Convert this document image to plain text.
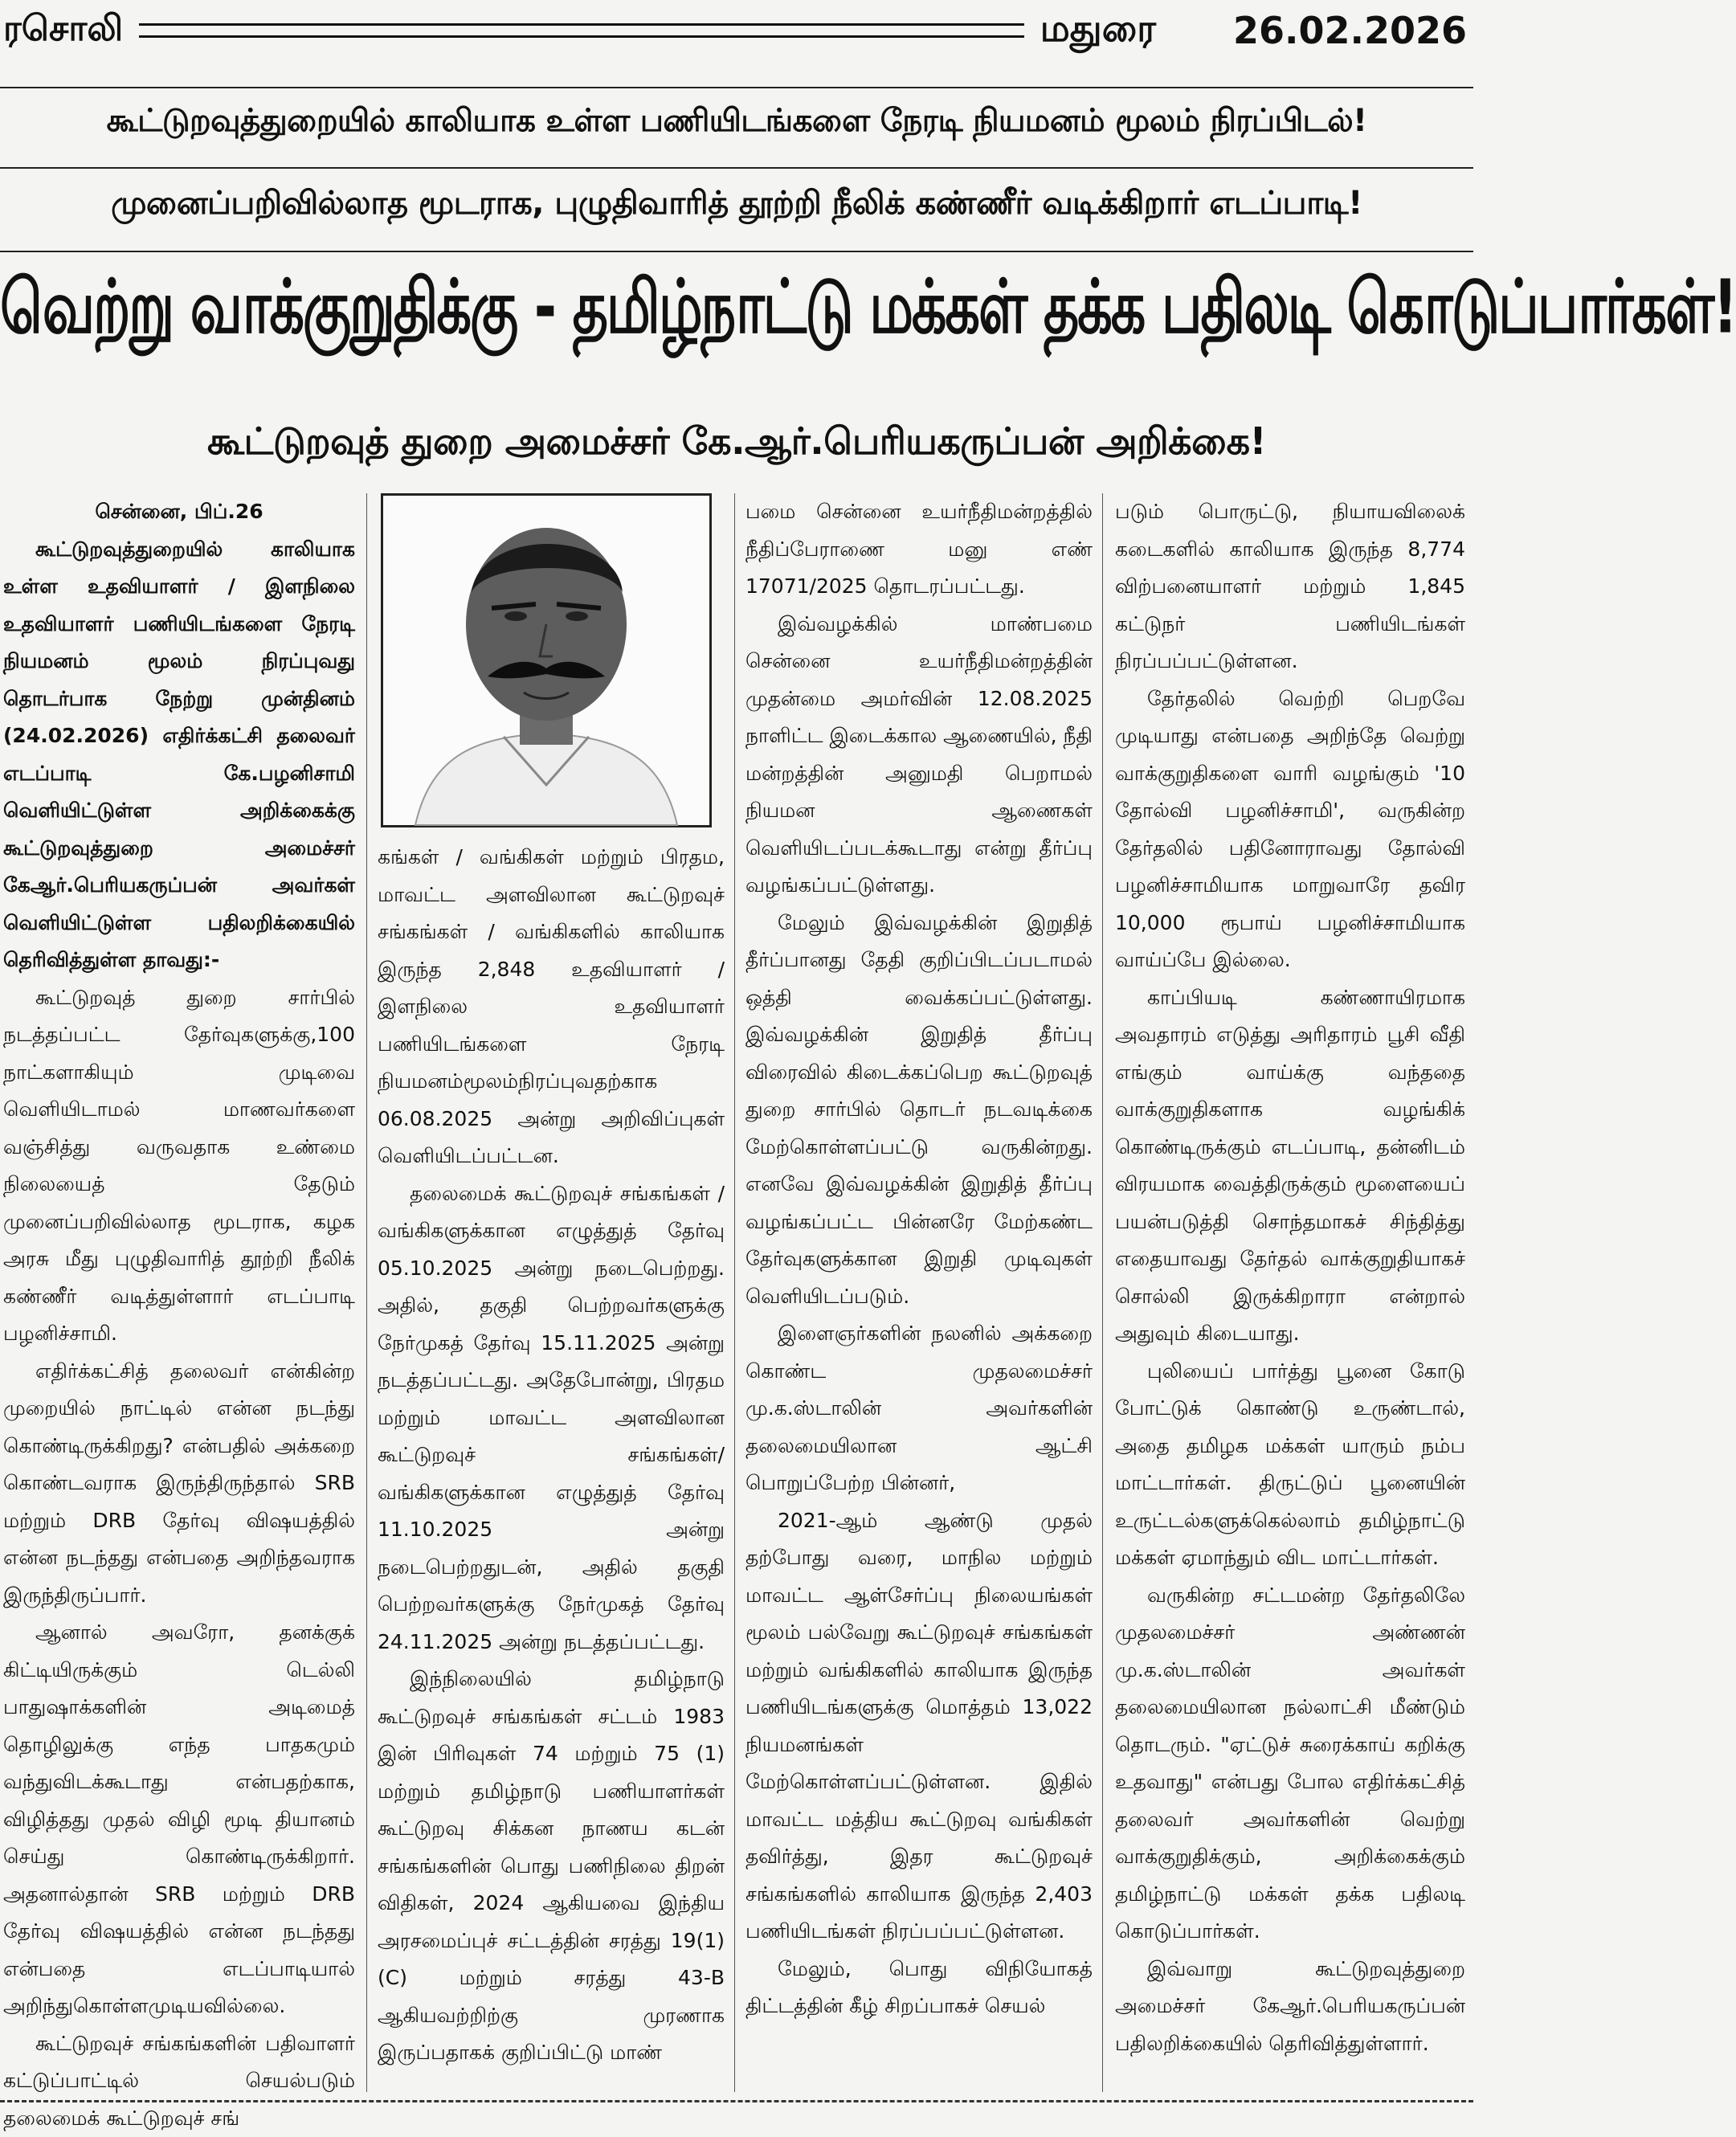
ரசொலி	மதுரை 26.02.2026
கூட்டுறவுத்துறையில் காலியாக உள்ள பணியிடங்களை நேரடி நியமனம் மூலம் நிரப்பிடல்!
முனைப்பறிவில்லாத மூடராக, புழுதிவாரித் தூற்றி நீலிக் கண்ணீர் வடிக்கிறார் எடப்பாடி!
வெற்று வாக்குறுதிக்கு - தமிழ்நாட்டு மக்கள் தக்க பதிலடி கொடுப்பார்கள்!
கூட்டுறவுத் துறை அமைச்சர் கே.ஆர்.பெரியகருப்பன் அறிக்கை!

சென்னை, பிப்.26

கூட்டுறவுத்துறையில் காலியாக உள்ள உதவியாளர் / இளநிலை உதவியாளர் பணியிடங்களை நேரடி நியமனம் மூலம் நிரப்புவது தொடர்பாக நேற்று முன்தினம் (24.02.2026) எதிர்க்கட்சி தலைவர் எடப்பாடி கே.பழனிசாமி வெளியிட்டுள்ள அறிக்கைக்கு கூட்டுறவுத்துறை அமைச்சர் கேஆர்.பெரியகருப்பன் அவர்கள் வெளியிட்டுள்ள பதிலறிக்கையில் தெரிவித்துள்ள தாவது:-

கூட்டுறவுத் துறை சார்பில் நடத்தப்பட்ட தேர்வுகளுக்கு,100 நாட்களாகியும் முடிவை வெளியிடாமல் மாணவர்களை வஞ்சித்து வருவதாக உண்மை நிலையைத் தேடும் முனைப்பறிவில்லாத மூடராக, கழக அரசு மீது புழுதிவாரித் தூற்றி நீலிக் கண்ணீர் வடித்துள்ளார் எடப்பாடி பழனிச்சாமி.

எதிர்க்கட்சித் தலைவர் என்கின்ற முறையில் நாட்டில் என்ன நடந்து கொண்டிருக்கிறது? என்பதில் அக்கறை கொண்டவராக இருந்திருந்தால் SRB மற்றும் DRB தேர்வு விஷயத்தில் என்ன நடந்தது என்பதை அறிந்தவராக இருந்திருப்பார்.

ஆனால் அவரோ, தனக்குக் கிட்டியிருக்கும் டெல்லி பாதுஷாக்களின் அடிமைத் தொழிலுக்கு எந்த பாதகமும் வந்துவிடக்கூடாது என்பதற்காக, விழித்தது முதல் விழி மூடி தியானம் செய்து கொண்டிருக்கிறார். அதனால்தான் SRB மற்றும் DRB தேர்வு விஷயத்தில் என்ன நடந்தது என்பதை எடப்பாடியால் அறிந்துகொள்ளமுடியவில்லை.

கூட்டுறவுச் சங்கங்களின் பதிவாளர் கட்டுப்பாட்டில் செயல்படும் தலைமைக் கூட்டுறவுச் சங்

கங்கள் / வங்கிகள் மற்றும் பிரதம, மாவட்ட அளவிலான கூட்டுறவுச் சங்கங்கள் / வங்கிகளில் காலியாக இருந்த 2,848 உதவியாளர் / இளநிலை உதவியாளர் பணியிடங்களை நேரடி நியமனம்மூலம்நிரப்புவதற்காக 06.08.2025 அன்று அறிவிப்புகள் வெளியிடப்பட்டன.

தலைமைக் கூட்டுறவுச் சங்கங்கள் / வங்கிகளுக்கான எழுத்துத் தேர்வு 05.10.2025 அன்று நடைபெற்றது. அதில், தகுதி பெற்றவர்களுக்கு நேர்முகத் தேர்வு 15.11.2025 அன்று நடத்தப்பட்டது. அதேபோன்று, பிரதம மற்றும் மாவட்ட அளவிலான கூட்டுறவுச் சங்கங்கள்/ வங்கிகளுக்கான எழுத்துத் தேர்வு 11.10.2025 அன்று நடைபெற்றதுடன், அதில் தகுதி பெற்றவர்களுக்கு நேர்முகத் தேர்வு 24.11.2025 அன்று நடத்தப்பட்டது.

இந்நிலையில் தமிழ்நாடு கூட்டுறவுச் சங்கங்கள் சட்டம் 1983 இன் பிரிவுகள் 74 மற்றும் 75 (1) மற்றும் தமிழ்நாடு பணியாளர்கள் கூட்டுறவு சிக்கன நாணய கடன் சங்கங்களின் பொது பணிநிலை திறன் விதிகள், 2024 ஆகியவை இந்திய அரசமைப்புச் சட்டத்தின் சரத்து 19(1)(C) மற்றும் சரத்து 43-B ஆகியவற்றிற்கு முரணாக இருப்பதாகக் குறிப்பிட்டு மாண்

பமை சென்னை உயர்நீதிமன்றத்தில் நீதிப்பேராணை மனு எண் 17071/2025 தொடரப்பட்டது.

இவ்வழக்கில் மாண்பமை சென்னை உயர்நீதிமன்றத்தின் முதன்மை அமர்வின் 12.08.2025 நாளிட்ட இடைக்கால ஆணையில், நீதி மன்றத்தின் அனுமதி பெறாமல் நியமன ஆணைகள் வெளியிடப்படக்கூடாது என்று தீர்ப்பு வழங்கப்பட்டுள்ளது.

மேலும் இவ்வழக்கின் இறுதித் தீர்ப்பானது தேதி குறிப்பிடப்படாமல் ஒத்தி வைக்கப்பட்டுள்ளது. இவ்வழக்கின் இறுதித் தீர்ப்பு விரைவில் கிடைக்கப்பெற கூட்டுறவுத் துறை சார்பில் தொடர் நடவடிக்கை மேற்கொள்ளப்பட்டு வருகின்றது. எனவே இவ்வழக்கின் இறுதித் தீர்ப்பு வழங்கப்பட்ட பின்னரே மேற்கண்ட தேர்வுகளுக்கான இறுதி முடிவுகள் வெளியிடப்படும்.

இளைஞர்களின் நலனில் அக்கறை கொண்ட முதலமைச்சர் மு.க.ஸ்டாலின் அவர்களின் தலைமையிலான ஆட்சி பொறுப்பேற்ற பின்னர்,

2021-ஆம் ஆண்டு முதல் தற்போது வரை, மாநில மற்றும் மாவட்ட ஆள்சேர்ப்பு நிலையங்கள் மூலம் பல்வேறு கூட்டுறவுச் சங்கங்கள் மற்றும் வங்கிகளில் காலியாக இருந்த பணியிடங்களுக்கு மொத்தம் 13,022 நியமனங்கள் மேற்கொள்ளப்பட்டுள்ளன. இதில் மாவட்ட மத்திய கூட்டுறவு வங்கிகள் தவிர்த்து, இதர கூட்டுறவுச் சங்கங்களில் காலியாக இருந்த 2,403 பணியிடங்கள் நிரப்பப்பட்டுள்ளன.

மேலும், பொது விநியோகத் திட்டத்தின் கீழ் சிறப்பாகச் செயல்

படும் பொருட்டு, நியாயவிலைக் கடைகளில் காலியாக இருந்த 8,774 விற்பனையாளர் மற்றும் 1,845 கட்டுநர் பணியிடங்கள் நிரப்பப்பட்டுள்ளன.

தேர்தலில் வெற்றி பெறவே முடியாது என்பதை அறிந்தே வெற்று வாக்குறுதிகளை வாரி வழங்கும் '10 தோல்வி பழனிச்சாமி', வருகின்ற தேர்தலில் பதினோராவது தோல்வி பழனிச்சாமியாக மாறுவாரே தவிர 10,000 ரூபாய் பழனிச்சாமியாக வாய்ப்பே இல்லை.

காப்பியடி கண்ணாயிரமாக அவதாரம் எடுத்து அரிதாரம் பூசி வீதி எங்கும் வாய்க்கு வந்ததை வாக்குறுதிகளாக வழங்கிக் கொண்டிருக்கும் எடப்பாடி, தன்னிடம் விரயமாக வைத்திருக்கும் மூளையைப் பயன்படுத்தி சொந்தமாகச் சிந்தித்து எதையாவது தேர்தல் வாக்குறுதியாகச் சொல்லி இருக்கிறாரா என்றால் அதுவும் கிடையாது.

புலியைப் பார்த்து பூனை கோடு போட்டுக் கொண்டு உருண்டால், அதை தமிழக மக்கள் யாரும் நம்ப மாட்டார்கள். திருட்டுப் பூனையின் உருட்டல்களுக்கெல்லாம் தமிழ்நாட்டு மக்கள் ஏமாந்தும் விட மாட்டார்கள்.

வருகின்ற சட்டமன்ற தேர்தலிலே முதலமைச்சர் அண்ணன் மு.க.ஸ்டாலின் அவர்கள் தலைமையிலான நல்லாட்சி மீண்டும் தொடரும். "ஏட்டுச் சுரைக்காய் கறிக்கு உதவாது" என்பது போல எதிர்க்கட்சித் தலைவர் அவர்களின் வெற்று வாக்குறுதிக்கும், அறிக்கைக்கும் தமிழ்நாட்டு மக்கள் தக்க பதிலடி கொடுப்பார்கள்.

இவ்வாறு கூட்டுறவுத்துறை அமைச்சர் கேஆர்.பெரியகருப்பன் பதிலறிக்கையில் தெரிவித்துள்ளார்.
